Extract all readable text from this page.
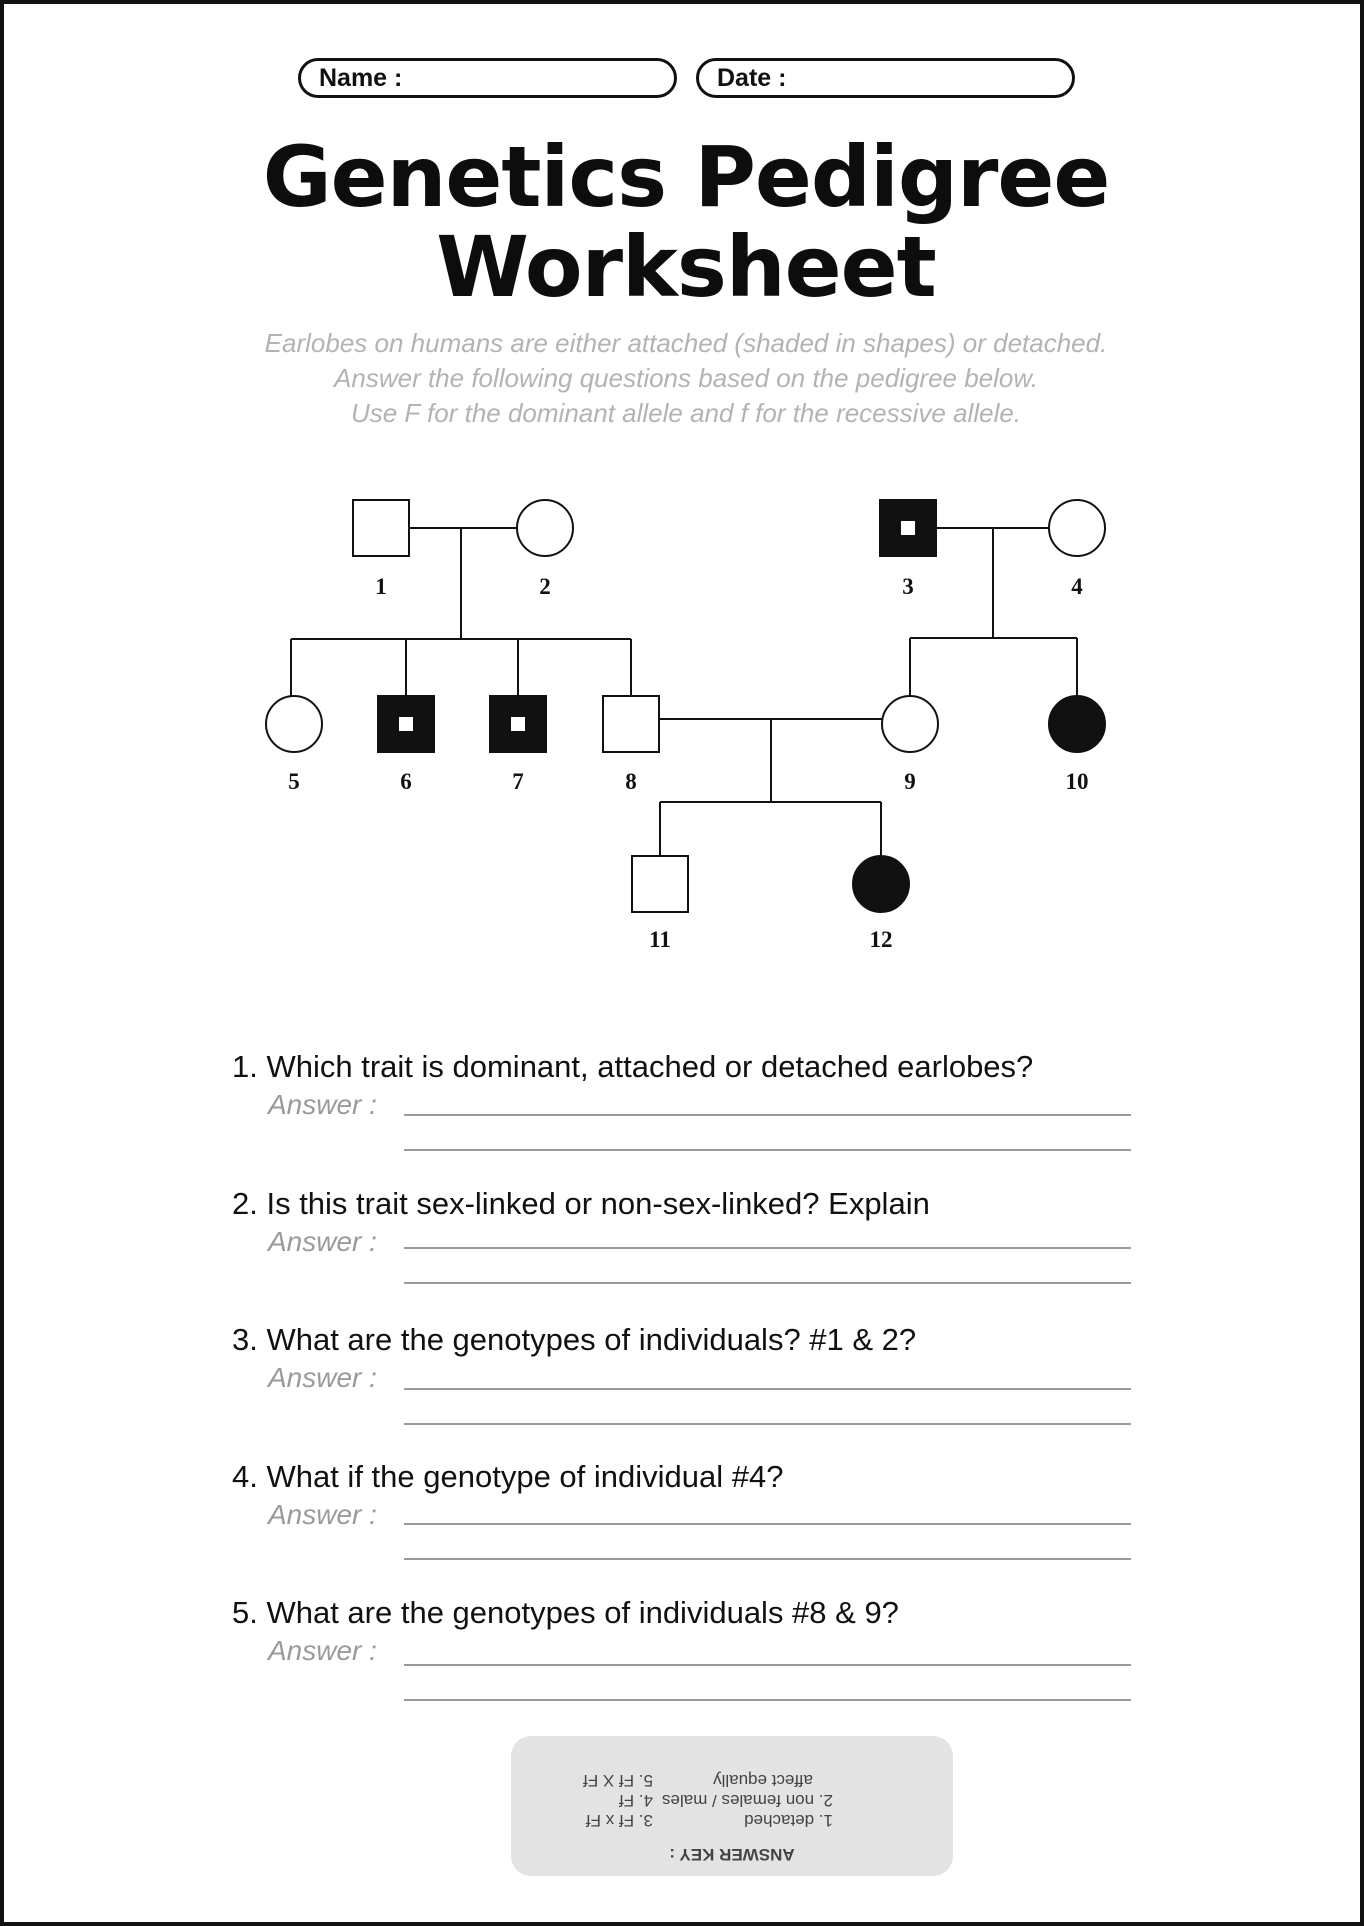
Name :	Date :
Genetics Pedigree
Worksheet
Earlobes on humans are either attached (shaded in shapes) or detached.
Answer the following questions based on the pedigree below.
Use F for the dominant allele and f for the recessive allele.
1	2	3	4
5	6	7	8	9	10
11	12
1. Which trait is dominant, attached or detached earlobes?
Answer :
2. Is this trait sex-linked or non-sex-linked? Explain
Answer :
3. What are the genotypes of individuals? #1 & 2?
Answer :
4. What if the genotype of individual #4?
Answer :
5. What are the genotypes of individuals #8 & 9?
Answer :
ANSWER KEY :
1. detached
2. non females / males
affect equally
3. Ff x Ff
4. Ff
5. Ff X Ff
